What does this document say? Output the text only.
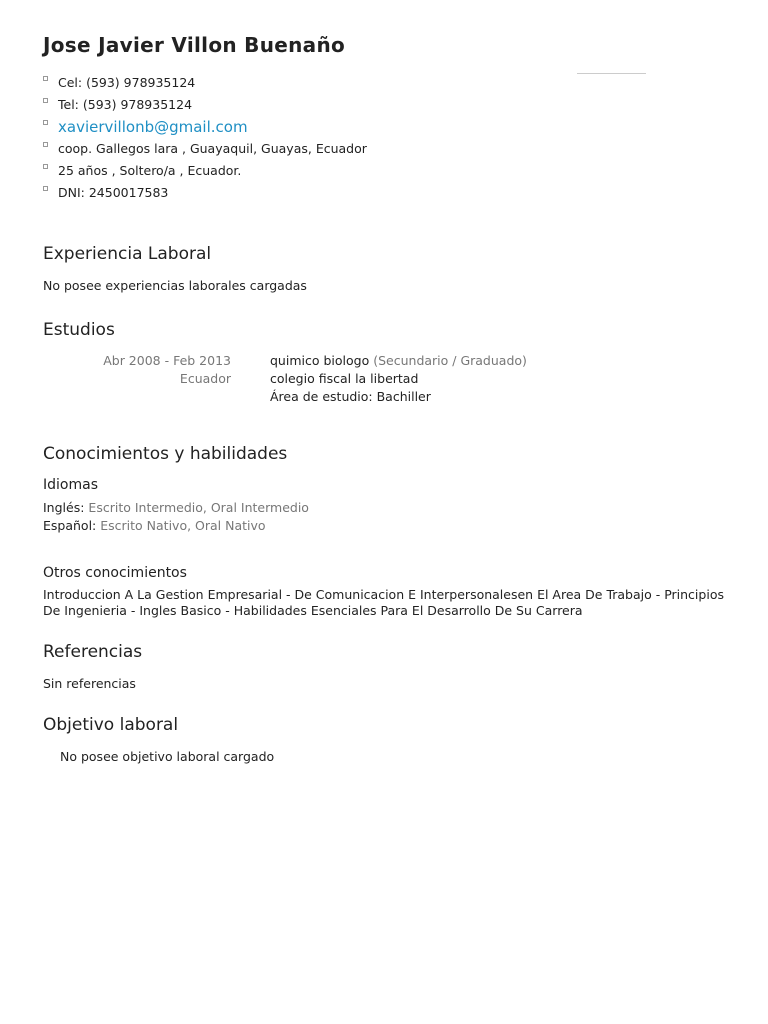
Jose Javier Villon Buenaño
Cel: (593) 978935124
Tel: (593) 978935124
xaviervillonb@gmail.com
coop. Gallegos lara , Guayaquil, Guayas, Ecuador
25 años , Soltero/a , Ecuador.
DNI: 2450017583
Experiencia Laboral

No posee experiencias laborales cargadas

Estudios
Abr 2008 - Feb 2013	quimico biologo (Secundario / Graduado)
Ecuador	colegio fiscal la libertad
Área de estudio: Bachiller
Conocimientos y habilidades
Idiomas
Inglés: Escrito Intermedio, Oral Intermedio
Español: Escrito Nativo, Oral Nativo
Otros conocimientos

Introduccion A La Gestion Empresarial - De Comunicacion E Interpersonalesen El Area De Trabajo - Principios De Ingenieria - Ingles Basico - Habilidades Esenciales Para El Desarrollo De Su Carrera

Referencias

Sin referencias

Objetivo laboral

No posee objetivo laboral cargado
